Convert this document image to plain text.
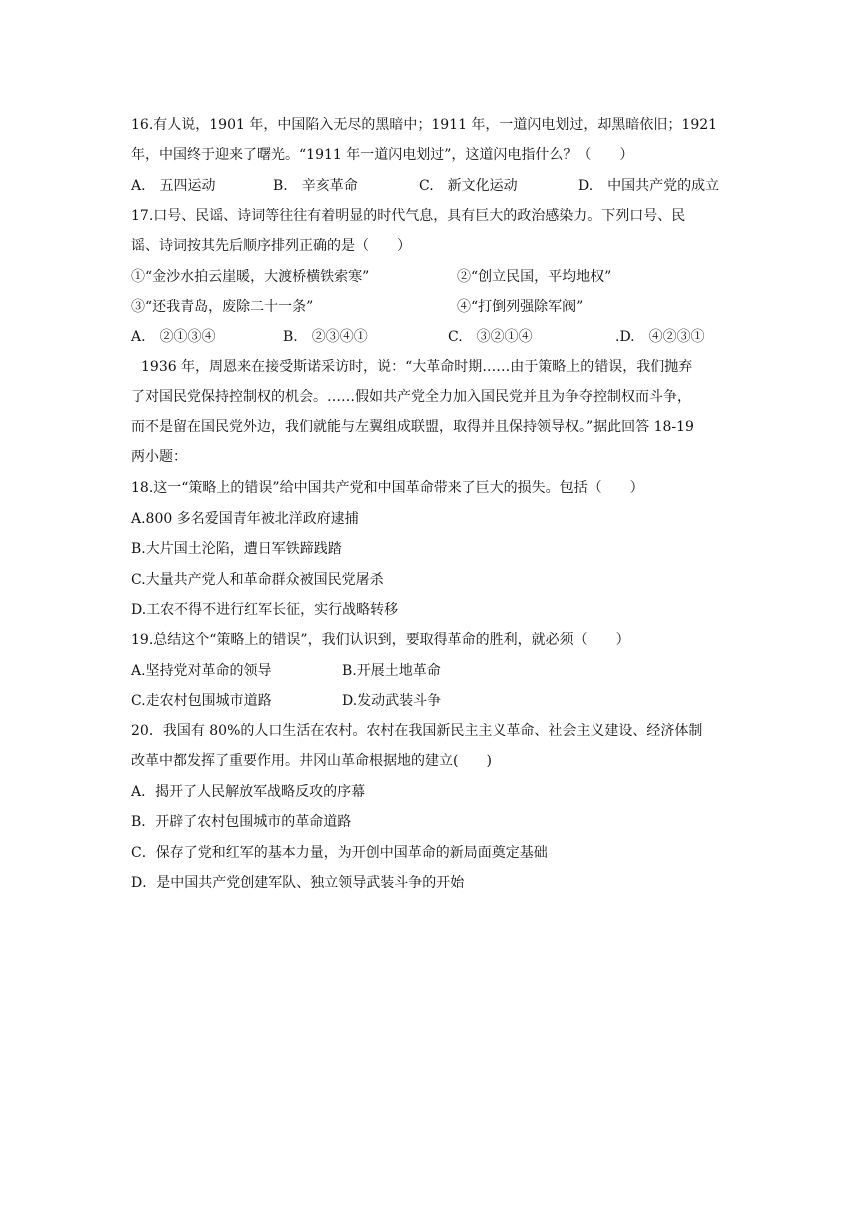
16.有人说，1901 年，中国陷入无尽的黑暗中；1911 年，一道闪电划过，却黑暗依旧；1921
年，中国终于迎来了曙光。“1911 年一道闪电划过”，这道闪电指什么？（　　）
A.　五四运动	B.　辛亥革命	C.　新文化运动	D.　中国共产党的成立
17.口号、民谣、诗词等往往有着明显的时代气息，具有巨大的政治感染力。下列口号、民
谣、诗词按其先后顺序排列正确的是（　　）
①“金沙水拍云崖暖，大渡桥横铁索寒”	②“创立民国，平均地权”
③“还我青岛，废除二十一条”	④“打倒列强除军阀”
A.　②①③④	B.　②③④①	C.　③②①④	.D.　④②③①
1936 年，周恩来在接受斯诺采访时，说：“大革命时期……由于策略上的错误，我们抛弃
了对国民党保持控制权的机会。……假如共产党全力加入国民党并且为争夺控制权而斗争，
而不是留在国民党外边，我们就能与左翼组成联盟，取得并且保持领导权。”据此回答 18-19
两小题：
18.这一“策略上的错误”给中国共产党和中国革命带来了巨大的损失。包括（　　）
A.800 多名爱国青年被北洋政府逮捕
B.大片国土沦陷，遭日军铁蹄践踏
C.大量共产党人和革命群众被国民党屠杀
D.工农不得不进行红军长征，实行战略转移
19.总结这个“策略上的错误”，我们认识到，要取得革命的胜利，就必须（　　）
A.坚持党对革命的领导	B.开展土地革命
C.走农村包围城市道路	D.发动武装斗争
20．我国有 80%的人口生活在农村。农村在我国新民主主义革命、社会主义建设、经济体制
改革中都发挥了重要作用。井冈山革命根据地的建立(　　)
A．揭开了人民解放军战略反攻的序幕
B．开辟了农村包围城市的革命道路
C．保存了党和红军的基本力量，为开创中国革命的新局面奠定基础
D．是中国共产党创建军队、独立领导武装斗争的开始
